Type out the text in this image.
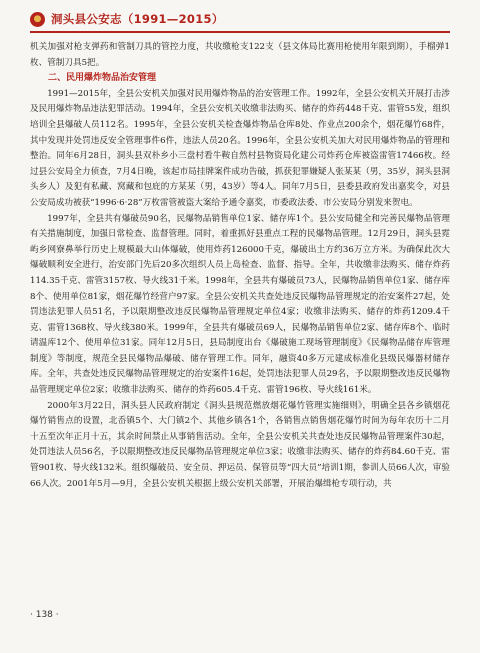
洞头县公安志（1991—2015）

机关加强对枪支弹药和管制刀具的管控力度，共收缴枪支122支（县文体局比赛用枪使用年限到期），手榴弹1枚、管制刀具5把。

二、民用爆炸物品治安管理

1991—2015年，全县公安机关加强对民用爆炸物品的治安管理工作。1992年，全县公安机关开展打击涉及民用爆炸物品违法犯罪活动。1994年，全县公安机关收缴非法购买、储存的炸药448千克、雷管55发，组织培训全县爆破人员112名。1995年，全县公安机关检查爆炸物品仓库8处、作业点200余个，烟花爆竹68件，其中发现并处罚违反安全管理事件6件，违法人员20名。1996年，全县公安机关加大对民用爆炸物品的管理和整治。同年6月28日，洞头县双朴乡小三盘村看牛鞍自然村县物资局化建公司炸药仓库被盗雷管17466枚。经过县公安局全力侦查，7月4日晚，该起市局挂牌案件成功告破，抓获犯罪嫌疑人张某某（男，35岁，洞头县洞头乡人）及犯有私藏、窝藏和包庇的方某某（男，43岁）等4人。同年7月5日，县委县政府发出嘉奖令，对县公安局成功被获“1996·6·28”万枚雷管被盗大案给予通令嘉奖，市委政法委、市公安局分别发来贺电。

1997年，全县共有爆破员90名，民爆物品销售单位1家、储存库1个。县公安局健全和完善民爆物品管理有关措施制度，加强日常检查、监督管理。同时，着重抓好县重点工程的民爆物品管理。12月29日，洞头县霓屿乡网寮鼻举行历史上规模最大山体爆破，使用炸药126000千克，爆破出土方约36万立方米。为确保此次大爆破顺利安全进行，治安部门先后20多次组织人员上岛检查、监督、指导。全年，共收缴非法购买、储存炸药114.35千克、雷管3157枚、导火线31千米。1998年，全县共有爆破员73人，民爆物品销售单位1家、储存库8个、使用单位81家，烟花爆竹经营户97家。全县公安机关共查处违反民爆物品管理规定的治安案件27起，处罚违法犯罪人员51名，予以限期整改违反民爆物品管理规定单位4家；收缴非法购买、储存的炸药1209.4千克、雷管1368枚、导火线380米。1999年，全县共有爆破员69人，民爆物品销售单位2家、储存库8个、临时请温库12个、使用单位31家。同年12月5日，县局制度出台《爆破施工现场管理制度》《民爆物品储存库管理制度》等制度，规范全县民爆物品爆破、储存管理工作。同年，融资40多万元建成标准化县级民爆器材储存库。全年，共查处违反民爆物品管理规定的治安案件16起，处罚违法犯罪人员29名，予以限期整改违反民爆物品管理规定单位2家；收缴非法购买、储存的炸药605.4千克、雷管196枚、导火线161米。

2000年3月22日，洞头县人民政府制定《洞头县规范燃放烟花爆竹管理实施细则》，明确全县各乡镇烟花爆竹销售点的设置，北岙镇5个、大门镇2个、其他乡镇各1个，各销售点销售烟花爆竹时间为每年农历十二月十五至次年正月十五，其余时间禁止从事销售活动。全年，全县公安机关共查处违反民爆物品管理案件30起，处罚违法人员56名，予以限期整改违反民爆物品管理规定单位3家；收缴非法购买、储存的炸药84.60千克、雷管901枚、导火线132米。组织爆破员、安全员、押运员、保管员等“四大员”培训1期，参训人员66人次，审验66人次。2001年5月—9月，全县公安机关根据上级公安机关部署，开展治爆缉枪专项行动，共

· 138 ·
